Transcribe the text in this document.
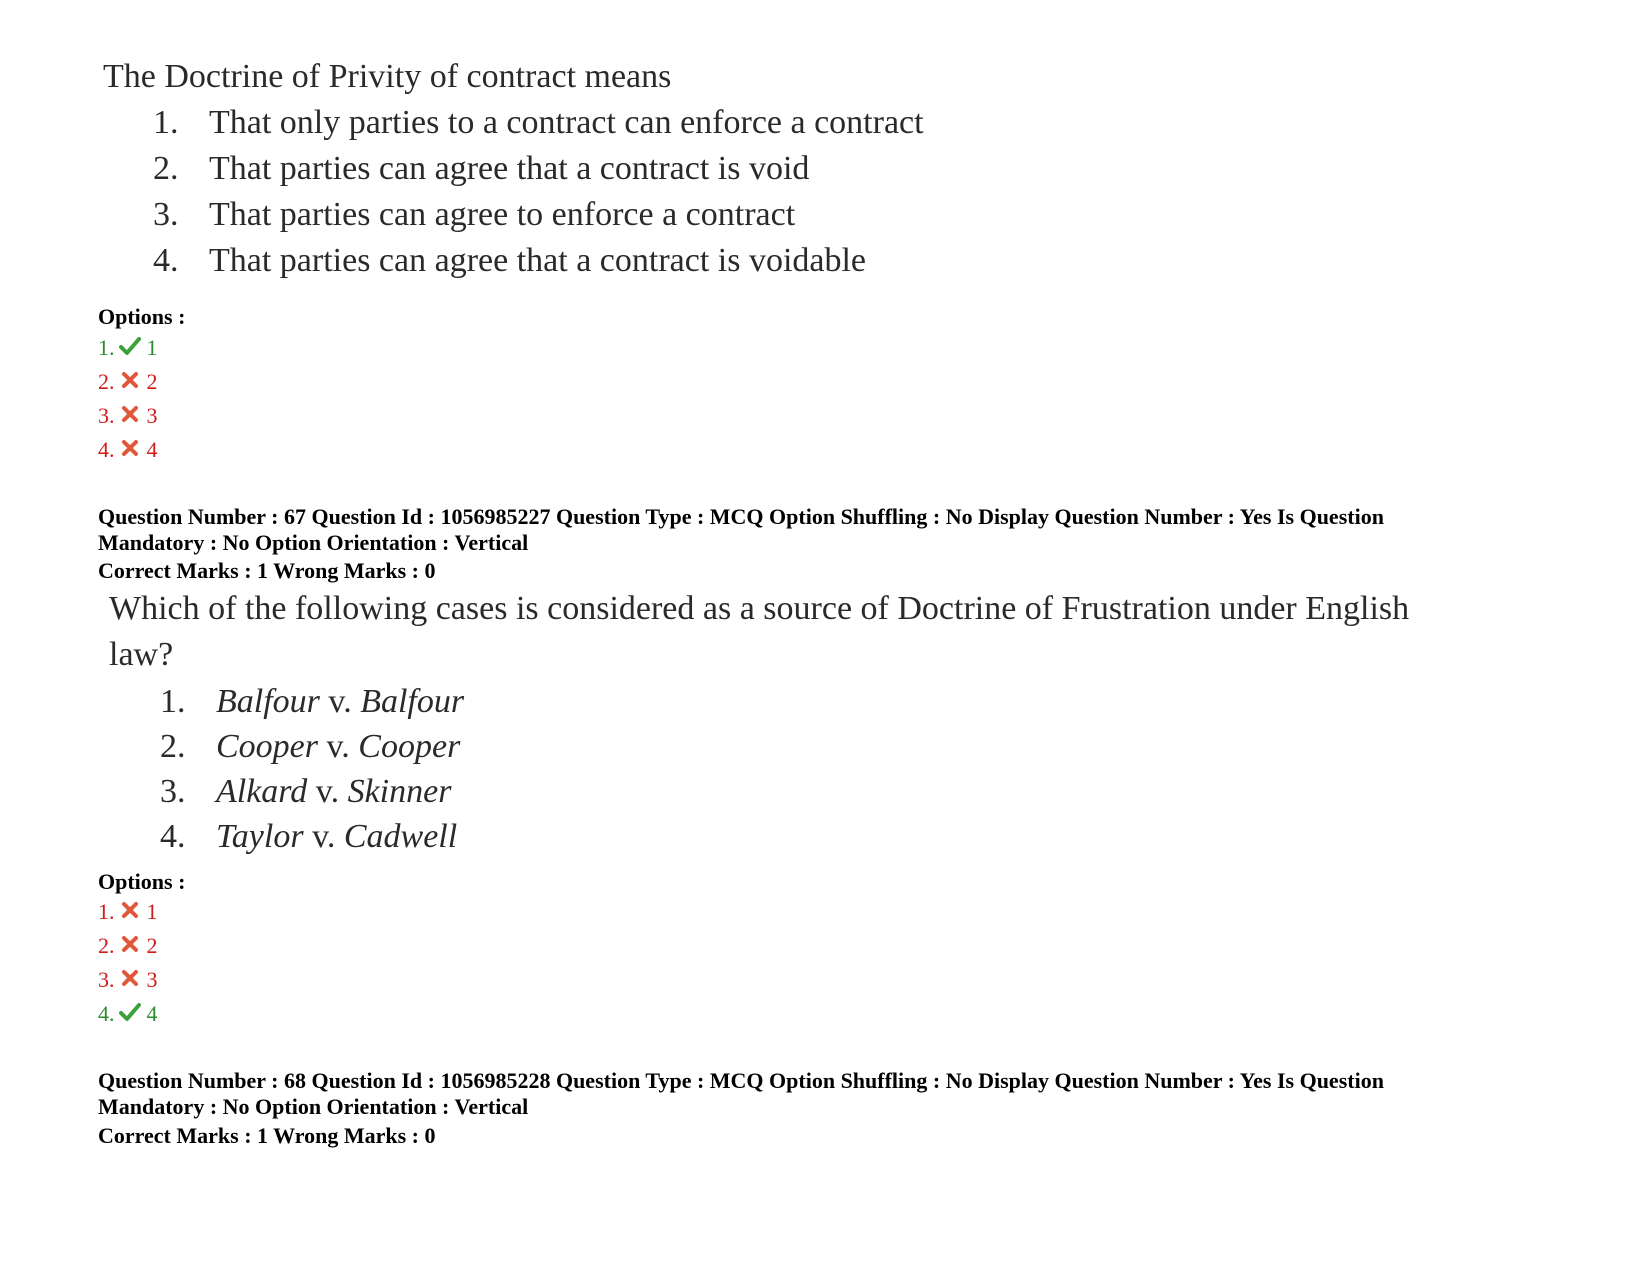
The Doctrine of Privity of contract means
1. That only parties to a contract can enforce a contract
2. That parties can agree that a contract is void
3. That parties can agree to enforce a contract
4. That parties can agree that a contract is voidable
Options :
1. 1
2. 2
3. 3
4. 4
Question Number : 67 Question Id : 1056985227 Question Type : MCQ Option Shuffling : No Display Question Number : Yes Is Question
Mandatory : No Option Orientation : Vertical
Correct Marks : 1 Wrong Marks : 0
Which of the following cases is considered as a source of Doctrine of Frustration under English
law?
1. Balfour v. Balfour
2. Cooper v. Cooper
3. Alkard v. Skinner
4. Taylor v. Cadwell
Options :
1. 1
2. 2
3. 3
4. 4
Question Number : 68 Question Id : 1056985228 Question Type : MCQ Option Shuffling : No Display Question Number : Yes Is Question
Mandatory : No Option Orientation : Vertical
Correct Marks : 1 Wrong Marks : 0
